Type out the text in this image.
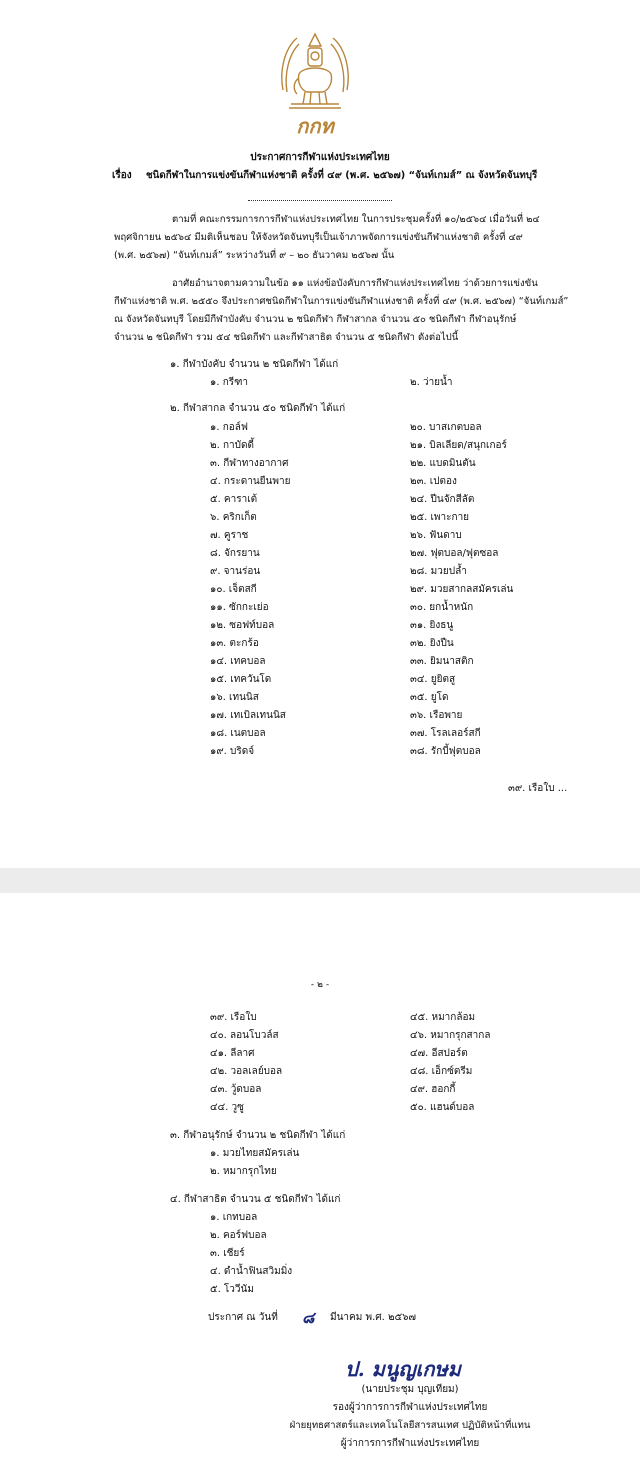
กกท
ประกาศการกีฬาแห่งประเทศไทย
เรื่อง ชนิดกีฬาในการแข่งขันกีฬาแห่งชาติ ครั้งที่ ๔๙ (พ.ศ. ๒๕๖๗) “จันท์เกมส์” ณ จังหวัดจันทบุรี
ตามที่ คณะกรรมการการกีฬาแห่งประเทศไทย ในการประชุมครั้งที่ ๑๐/๒๕๖๔ เมื่อวันที่ ๒๔
พฤศจิกายน ๒๕๖๔ มีมติเห็นชอบ ให้จังหวัดจันทบุรีเป็นเจ้าภาพจัดการแข่งขันกีฬาแห่งชาติ ครั้งที่ ๔๙
(พ.ศ. ๒๕๖๗) “จันท์เกมส์” ระหว่างวันที่ ๙ – ๒๐ ธันวาคม ๒๕๖๗ นั้น
อาศัยอำนาจตามความในข้อ ๑๑ แห่งข้อบังคับการกีฬาแห่งประเทศไทย ว่าด้วยการแข่งขัน
กีฬาแห่งชาติ พ.ศ. ๒๕๕๐ จึงประกาศชนิดกีฬาในการแข่งขันกีฬาแห่งชาติ ครั้งที่ ๔๙ (พ.ศ. ๒๕๖๗) “จันท์เกมส์”
ณ จังหวัดจันทบุรี โดยมีกีฬาบังคับ จำนวน ๒ ชนิดกีฬา กีฬาสากล จำนวน ๕๐ ชนิดกีฬา กีฬาอนุรักษ์
จำนวน ๒ ชนิดกีฬา รวม ๕๔ ชนิดกีฬา และกีฬาสาธิต จำนวน ๕ ชนิดกีฬา ดังต่อไปนี้
๑. กีฬาบังคับ จำนวน ๒ ชนิดกีฬา ได้แก่
๑. กรีฑา	๒. ว่ายน้ำ
๒. กีฬาสากล จำนวน ๕๐ ชนิดกีฬา ได้แก่
๑. กอล์ฟ
๒. กาบัดดี้
๓. กีฬาทางอากาศ
๔. กระดานยืนพาย
๕. คาราเต้
๖. คริกเก็ต
๗. คูราช
๘. จักรยาน
๙. จานร่อน
๑๐. เจ็ตสกี
๑๑. ซักกะเย่อ
๑๒. ซอฟท์บอล
๑๓. ตะกร้อ
๑๔. เทคบอล
๑๕. เทควันโด
๑๖. เทนนิส
๑๗. เทเบิลเทนนิส
๑๘. เนตบอล
๑๙. บริดจ์
๒๐. บาสเกตบอล
๒๑. บิลเลียด/สนุกเกอร์
๒๒. แบดมินตัน
๒๓. เปตอง
๒๔. ปีนจักสีลัต
๒๕. เพาะกาย
๒๖. ฟันดาบ
๒๗. ฟุตบอล/ฟุตซอล
๒๘. มวยปล้ำ
๒๙. มวยสากลสมัครเล่น
๓๐. ยกน้ำหนัก
๓๑. ยิงธนู
๓๒. ยิงปืน
๓๓. ยิมนาสติก
๓๔. ยูยิตสู
๓๕. ยูโด
๓๖. เรือพาย
๓๗. โรลเลอร์สกี
๓๘. รักบี้ฟุตบอล
๓๙. เรือใบ ...
- ๒ -
๓๙. เรือใบ
๔๐. ลอนโบวล์ส
๔๑. ลีลาศ
๔๒. วอลเลย์บอล
๔๓. วู้ดบอล
๔๔. วูซู
๔๕. หมากล้อม
๔๖. หมากรุกสากล
๔๗. อีสปอร์ต
๔๘. เอ็กซ์ตรีม
๔๙. ฮอกกี้
๕๐. แฮนด์บอล
๓. กีฬาอนุรักษ์ จำนวน ๒ ชนิดกีฬา ได้แก่
๑. มวยไทยสมัครเล่น
๒. หมากรุกไทย
๔. กีฬาสาธิต จำนวน ๕ ชนิดกีฬา ได้แก่
๑. เกทบอล
๒. คอร์ฟบอล
๓. เชียร์
๔. ดำน้ำฟินสวิมมิ่ง
๕. โววีนัม
ประกาศ ณ วันที่ ๘ มีนาคม พ.ศ. ๒๕๖๗
ป. มนูญเกษม
(นายประชุม บุญเทียม)
รองผู้ว่าการการกีฬาแห่งประเทศไทย
ฝ่ายยุทธศาสตร์และเทคโนโลยีสารสนเทศ ปฏิบัติหน้าที่แทน
ผู้ว่าการการกีฬาแห่งประเทศไทย
